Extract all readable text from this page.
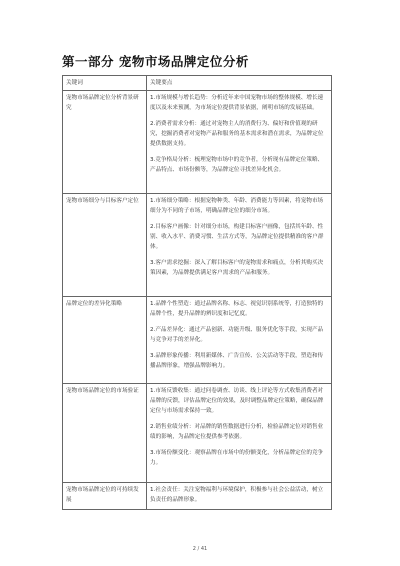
第一部分 宠物市场品牌定位分析
关键词	关键要点
宠物市场品牌定位分析背景研究	1.市场规模与增长趋势：分析近年来中国宠物市场的整体规模、增长速度以及未来预测，为市场定位提供背景依据，阐明市场的发展基础。

2.消费者需求分析：通过对宠物主人的消费行为、偏好和价值观的研究，挖掘消费者对宠物产品和服务的基本需求和潜在需求，为品牌定位提供数据支持。

3.竞争格局分析：梳理宠物市场中的竞争者，分析现有品牌定位策略、产品特点、市场份额等，为品牌定位寻找差异化机会。

宠物市场细分与目标客户定位	1.市场细分策略：根据宠物种类、年龄、消费能力等因素，将宠物市场细分为不同的子市场，明确品牌定位的细分市场。

2.目标客户画像：针对细分市场，构建目标客户画像，包括其年龄、性别、收入水平、消费习惯、生活方式等，为品牌定位提供精准的客户群体。

3.客户需求挖掘：深入了解目标客户的宠物需求和痛点，分析其购买决策因素，为品牌提供满足客户需求的产品和服务。

品牌定位的差异化策略	1.品牌个性塑造：通过品牌名称、标志、视觉识别系统等，打造独特的品牌个性，提升品牌的辨识度和记忆度。

2.产品差异化：通过产品创新、功能升级、服务优化等手段，实现产品与竞争对手的差异化。

3.品牌形象传播：利用新媒体、广告宣传、公关活动等手段，塑造和传播品牌形象，增强品牌影响力。

宠物市场品牌定位的市场验证	1.市场反馈收集：通过问卷调查、访谈、线上评论等方式收集消费者对品牌的反馈，评估品牌定位的效果，及时调整品牌定位策略，确保品牌定位与市场需求保持一致。

2.销售业绩分析：对品牌的销售数据进行分析，检验品牌定位对销售业绩的影响，为品牌定位提供参考依据。

3.市场份额变化：观察品牌在市场中的份额变化，分析品牌定位的竞争力。

宠物市场品牌定位的可持续发展	1.社会责任：关注宠物福利与环境保护，积极参与社会公益活动，树立负责任的品牌形象。

2 / 41
